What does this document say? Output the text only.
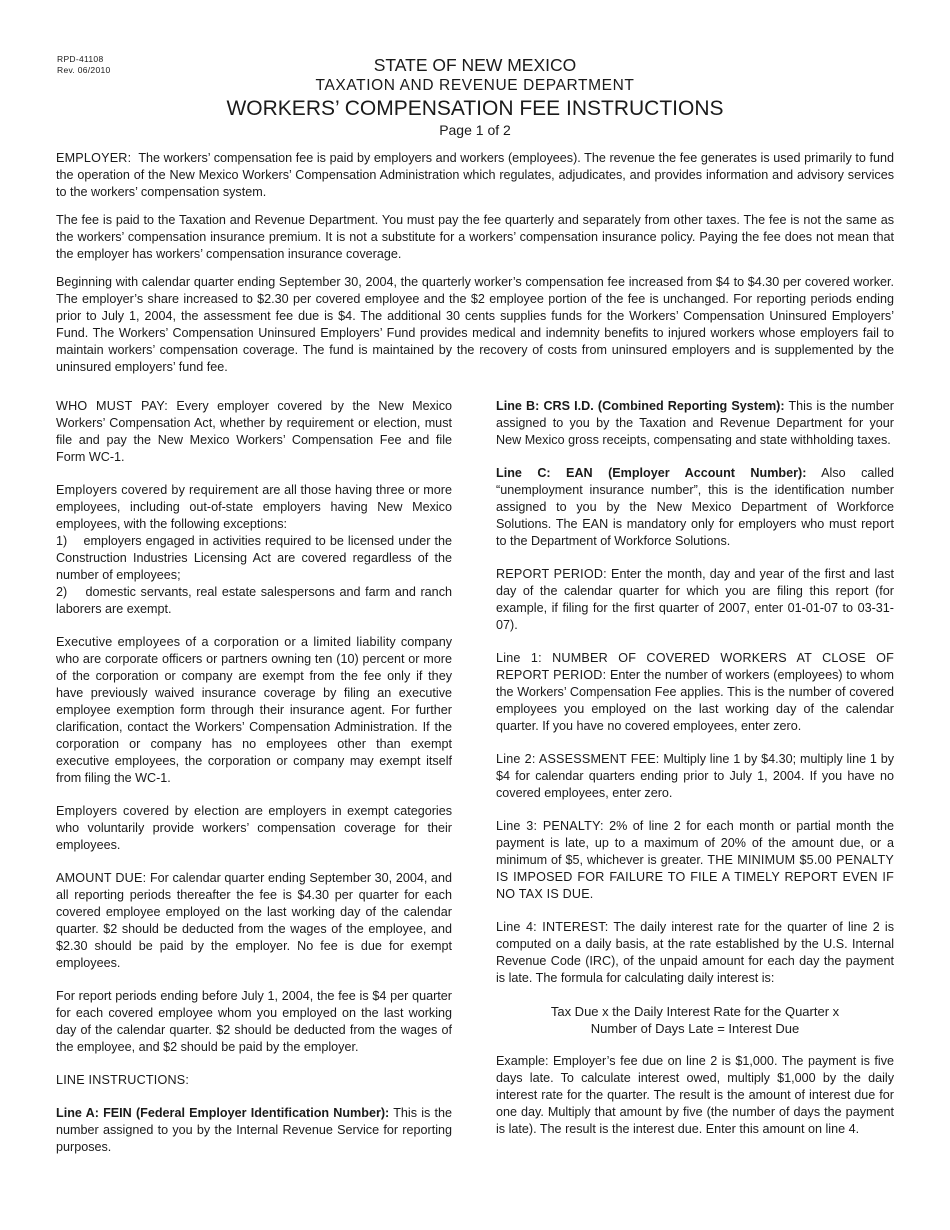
RPD-41108
Rev. 06/2010	STATE OF NEW MEXICO
TAXATION AND REVENUE DEPARTMENT
WORKERS’ COMPENSATION FEE INSTRUCTIONS
Page 1 of 2

EMPLOYER: The workers’ compensation fee is paid by employers and workers (employees). The revenue the fee generates is used primarily to fund the operation of the New Mexico Workers’ Compensation Administration which regulates, adjudicates, and provides information and advisory services to the workers’ compensation system.

The fee is paid to the Taxation and Revenue Department. You must pay the fee quarterly and separately from other taxes. The fee is not the same as the workers’ compensation insurance premium. It is not a substitute for a workers’ compensation insurance policy. Paying the fee does not mean that the employer has workers’ compensation insurance coverage.

Beginning with calendar quarter ending September 30, 2004, the quarterly worker’s compensation fee increased from $4 to $4.30 per covered worker. The employer’s share increased to $2.30 per covered employee and the $2 employee portion of the fee is unchanged. For reporting periods ending prior to July 1, 2004, the assessment fee due is $4. The additional 30 cents supplies funds for the Workers’ Compensation Uninsured Employers’ Fund. The Workers’ Compensation Uninsured Employers’ Fund provides medical and indemnity benefits to injured workers whose employers fail to maintain workers’ compensation coverage. The fund is maintained by the recovery of costs from uninsured employers and is supplemented by the uninsured employers’ fund fee.

WHO MUST PAY: Every employer covered by the New Mexico Workers’ Compensation Act, whether by requirement or election, must file and pay the New Mexico Workers’ Compensation Fee and file Form WC-1.

Employers covered by requirement are all those having three or more employees, including out-of-state employers having New Mexico employees, with the following exceptions:

1)    employers engaged in activities required to be licensed under the Construction Industries Licensing Act are covered regardless of the number of employees;

2)    domestic servants, real estate salespersons and farm and ranch laborers are exempt.

Executive employees of a corporation or a limited liability company who are corporate officers or partners owning ten (10) percent or more of the corporation or company are exempt from the fee only if they have previously waived insurance coverage by filing an executive employee exemption form through their insurance agent. For further clarification, contact the Workers’ Compensation Administration. If the corporation or company has no employees other than exempt executive employees, the corporation or company may exempt itself from filing the WC-1.

Employers covered by election are employers in exempt categories who voluntarily provide workers’ compensation coverage for their employees.

AMOUNT DUE: For calendar quarter ending September 30, 2004, and all reporting periods thereafter the fee is $4.30 per quarter for each covered employee employed on the last working day of the calendar quarter. $2 should be deducted from the wages of the employee, and $2.30 should be paid by the employer. No fee is due for exempt employees.

For report periods ending before July 1, 2004, the fee is $4 per quarter for each covered employee whom you employed on the last working day of the calendar quarter. $2 should be deducted from the wages of the employee, and $2 should be paid by the employer.

LINE INSTRUCTIONS:

Line A: FEIN (Federal Employer Identification Number): This is the number assigned to you by the Internal Revenue Service for reporting purposes.

Line B: CRS I.D. (Combined Reporting System): This is the number assigned to you by the Taxation and Revenue Department for your New Mexico gross receipts, compensating and state withholding taxes.

Line C: EAN (Employer Account Number): Also called “unemployment insurance number”, this is the identification number assigned to you by the New Mexico Department of Workforce Solutions. The EAN is mandatory only for employers who must report to the Department of Workforce Solutions.

REPORT PERIOD: Enter the month, day and year of the first and last day of the calendar quarter for which you are filing this report (for example, if filing for the first quarter of 2007, enter 01-01-07 to 03-31-07).

Line 1: NUMBER OF COVERED WORKERS AT CLOSE OF REPORT PERIOD: Enter the number of workers (employees) to whom the Workers’ Compensation Fee applies. This is the number of covered employees you employed on the last working day of the calendar quarter. If you have no covered employees, enter zero.

Line 2: ASSESSMENT FEE: Multiply line 1 by $4.30; multiply line 1 by $4 for calendar quarters ending prior to July 1, 2004. If you have no covered employees, enter zero.

Line 3: PENALTY: 2% of line 2 for each month or partial month the payment is late, up to a maximum of 20% of the amount due, or a minimum of $5, whichever is greater. THE MINIMUM $5.00 PENALTY IS IMPOSED FOR FAILURE TO FILE A TIMELY REPORT EVEN IF NO TAX IS DUE.

Line 4: INTEREST: The daily interest rate for the quarter of line 2 is computed on a daily basis, at the rate established by the U.S. Internal Revenue Code (IRC), of the unpaid amount for each day the payment is late. The formula for calculating daily interest is:

Tax Due x the Daily Interest Rate for the Quarter x
Number of Days Late = Interest Due

Example: Employer’s fee due on line 2 is $1,000. The payment is five days late. To calculate interest owed, multiply $1,000 by the daily interest rate for the quarter. The result is the amount of interest due for one day. Multiply that amount by five (the number of days the payment is late). The result is the interest due. Enter this amount on line 4.
